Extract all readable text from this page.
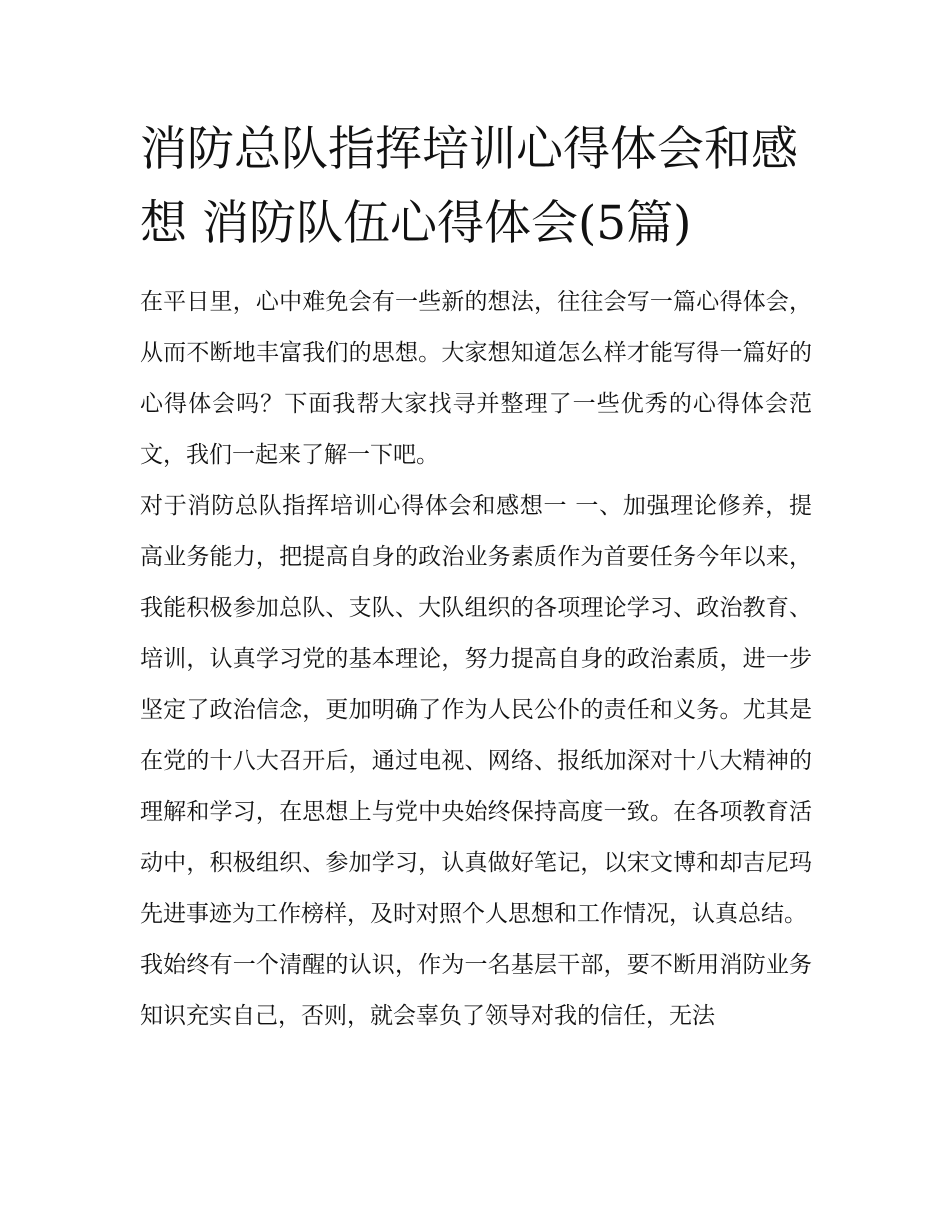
消防总队指挥培训心得体会和感想 消防队伍心得体会(5篇)

在平日里，心中难免会有一些新的想法，往往会写一篇心得体会，从而不断地丰富我们的思想。大家想知道怎么样才能写得一篇好的心得体会吗？下面我帮大家找寻并整理了一些优秀的心得体会范文，我们一起来了解一下吧。

对于消防总队指挥培训心得体会和感想一 一、加强理论修养，提高业务能力，把提高自身的政治业务素质作为首要任务今年以来，我能积极参加总队、支队、大队组织的各项理论学习、政治教育、培训，认真学习党的基本理论，努力提高自身的政治素质，进一步坚定了政治信念，更加明确了作为人民公仆的责任和义务。尤其是在党的十八大召开后，通过电视、网络、报纸加深对十八大精神的理解和学习，在思想上与党中央始终保持高度一致。在各项教育活动中，积极组织、参加学习，认真做好笔记，以宋文博和却吉尼玛先进事迹为工作榜样，及时对照个人思想和工作情况，认真总结。

我始终有一个清醒的认识，作为一名基层干部，要不断用消防业务知识充实自己，否则，就会辜负了领导对我的信任，无法
